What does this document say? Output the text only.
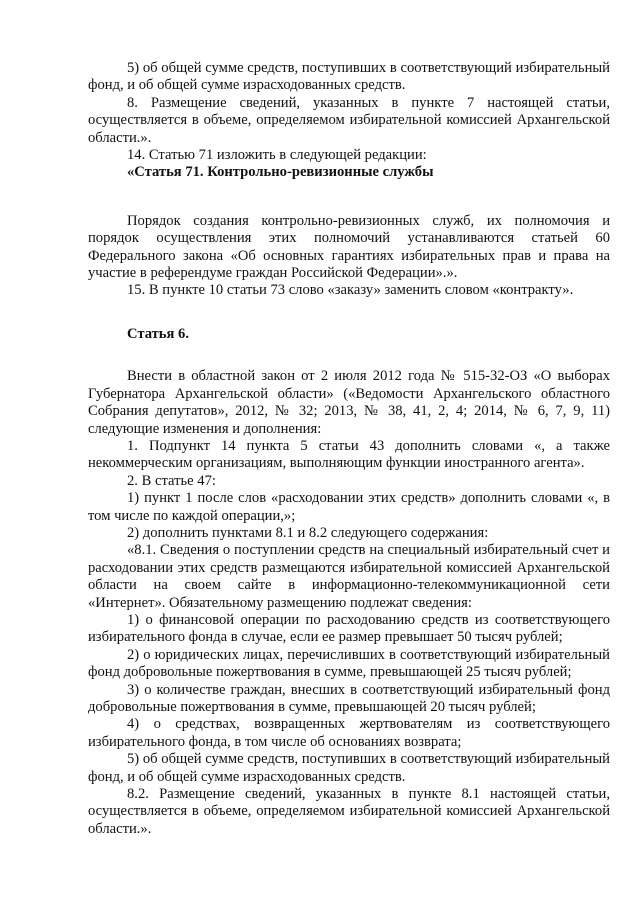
5) об общей сумме средств, поступивших в соответствующий избирательный фонд, и об общей сумме израсходованных средств.

8. Размещение сведений, указанных в пункте 7 настоящей статьи, осуществляется в объеме, определяемом избирательной комиссией Архангельской области.».

14. Статью 71 изложить в следующей редакции:

«Статья 71. Контрольно-ревизионные службы

Порядок создания контрольно-ревизионных служб, их полномочия и порядок осуществления этих полномочий устанавливаются статьей 60 Федерального закона «Об основных гарантиях избирательных прав и права на участие в референдуме граждан Российской Федерации».».

15. В пункте 10 статьи 73 слово «заказу» заменить словом «контракту».

Статья 6.

Внести в областной закон от 2 июля 2012 года № 515-32-ОЗ «О выборах Губернатора Архангельской области» («Ведомости Архангельского областного Собрания депутатов», 2012, № 32; 2013, № 38, 41, 2, 4; 2014, № 6, 7, 9, 11) следующие изменения и дополнения:

1. Подпункт 14 пункта 5 статьи 43 дополнить словами «, а также некоммерческим организациям, выполняющим функции иностранного агента».

2. В статье 47:

1) пункт 1 после слов «расходовании этих средств» дополнить словами «, в том числе по каждой операции,»;

2) дополнить пунктами 8.1 и 8.2 следующего содержания:

«8.1. Сведения о поступлении средств на специальный избирательный счет и расходовании этих средств размещаются избирательной комиссией Архангельской области на своем сайте в информационно-телекоммуникационной сети «Интернет». Обязательному размещению подлежат сведения:

1) о финансовой операции по расходованию средств из соответствующего избирательного фонда в случае, если ее размер превышает 50 тысяч рублей;

2) о юридических лицах, перечисливших в соответствующий избирательный фонд добровольные пожертвования в сумме, превышающей 25 тысяч рублей;

3) о количестве граждан, внесших в соответствующий избирательный фонд добровольные пожертвования в сумме, превышающей 20 тысяч рублей;

4) о средствах, возвращенных жертвователям из соответствующего избирательного фонда, в том числе об основаниях возврата;

5) об общей сумме средств, поступивших в соответствующий избирательный фонд, и об общей сумме израсходованных средств.

8.2. Размещение сведений, указанных в пункте 8.1 настоящей статьи, осуществляется в объеме, определяемом избирательной комиссией Архангельской области.».
